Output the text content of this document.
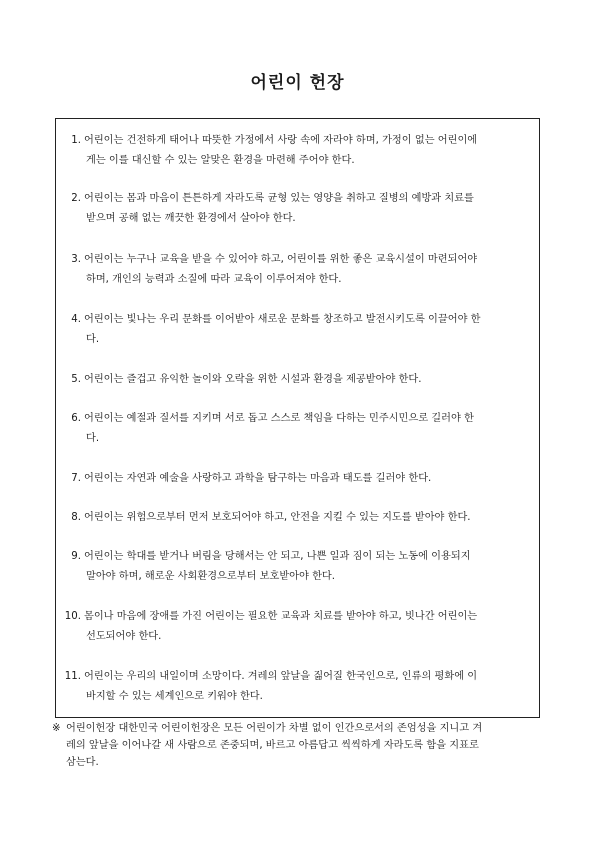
어린이 헌장
1. 어린이는 건전하게 태어나 따뜻한 가정에서 사랑 속에 자라야 하며, 가정이 없는 어린이에
게는 이를 대신할 수 있는 알맞은 환경을 마련해 주어야 한다.
2. 어린이는 몸과 마음이 튼튼하게 자라도록 균형 있는 영양을 취하고 질병의 예방과 치료를
받으며 공해 없는 깨끗한 환경에서 살아야 한다.
3. 어린이는 누구나 교육을 받을 수 있어야 하고, 어린이를 위한 좋은 교육시설이 마련되어야
하며, 개인의 능력과 소질에 따라 교육이 이루어져야 한다.
4. 어린이는 빛나는 우리 문화를 이어받아 새로운 문화를 창조하고 발전시키도록 이끌어야 한
다.
5. 어린이는 즐겁고 유익한 놀이와 오락을 위한 시설과 환경을 제공받아야 한다.
6. 어린이는 예절과 질서를 지키며 서로 돕고 스스로 책임을 다하는 민주시민으로 길러야 한
다.
7. 어린이는 자연과 예술을 사랑하고 과학을 탐구하는 마음과 태도를 길러야 한다.
8. 어린이는 위험으로부터 먼저 보호되어야 하고, 안전을 지킬 수 있는 지도를 받아야 한다.
9. 어린이는 학대를 받거나 버림을 당해서는 안 되고, 나쁜 일과 짐이 되는 노동에 이용되지
말아야 하며, 해로운 사회환경으로부터 보호받아야 한다.
10. 몸이나 마음에 장애를 가진 어린이는 필요한 교육과 치료를 받아야 하고, 빗나간 어린이는
선도되어야 한다.
11. 어린이는 우리의 내일이며 소망이다. 겨레의 앞날을 짊어질 한국인으로, 인류의 평화에 이
바지할 수 있는 세계인으로 키워야 한다.
※ 어린이헌장 대한민국 어린이헌장은 모든 어린이가 차별 없이 인간으로서의 존엄성을 지니고 겨
레의 앞날을 이어나갈 새 사람으로 존중되며, 바르고 아름답고 씩씩하게 자라도록 함을 지표로
삼는다.
